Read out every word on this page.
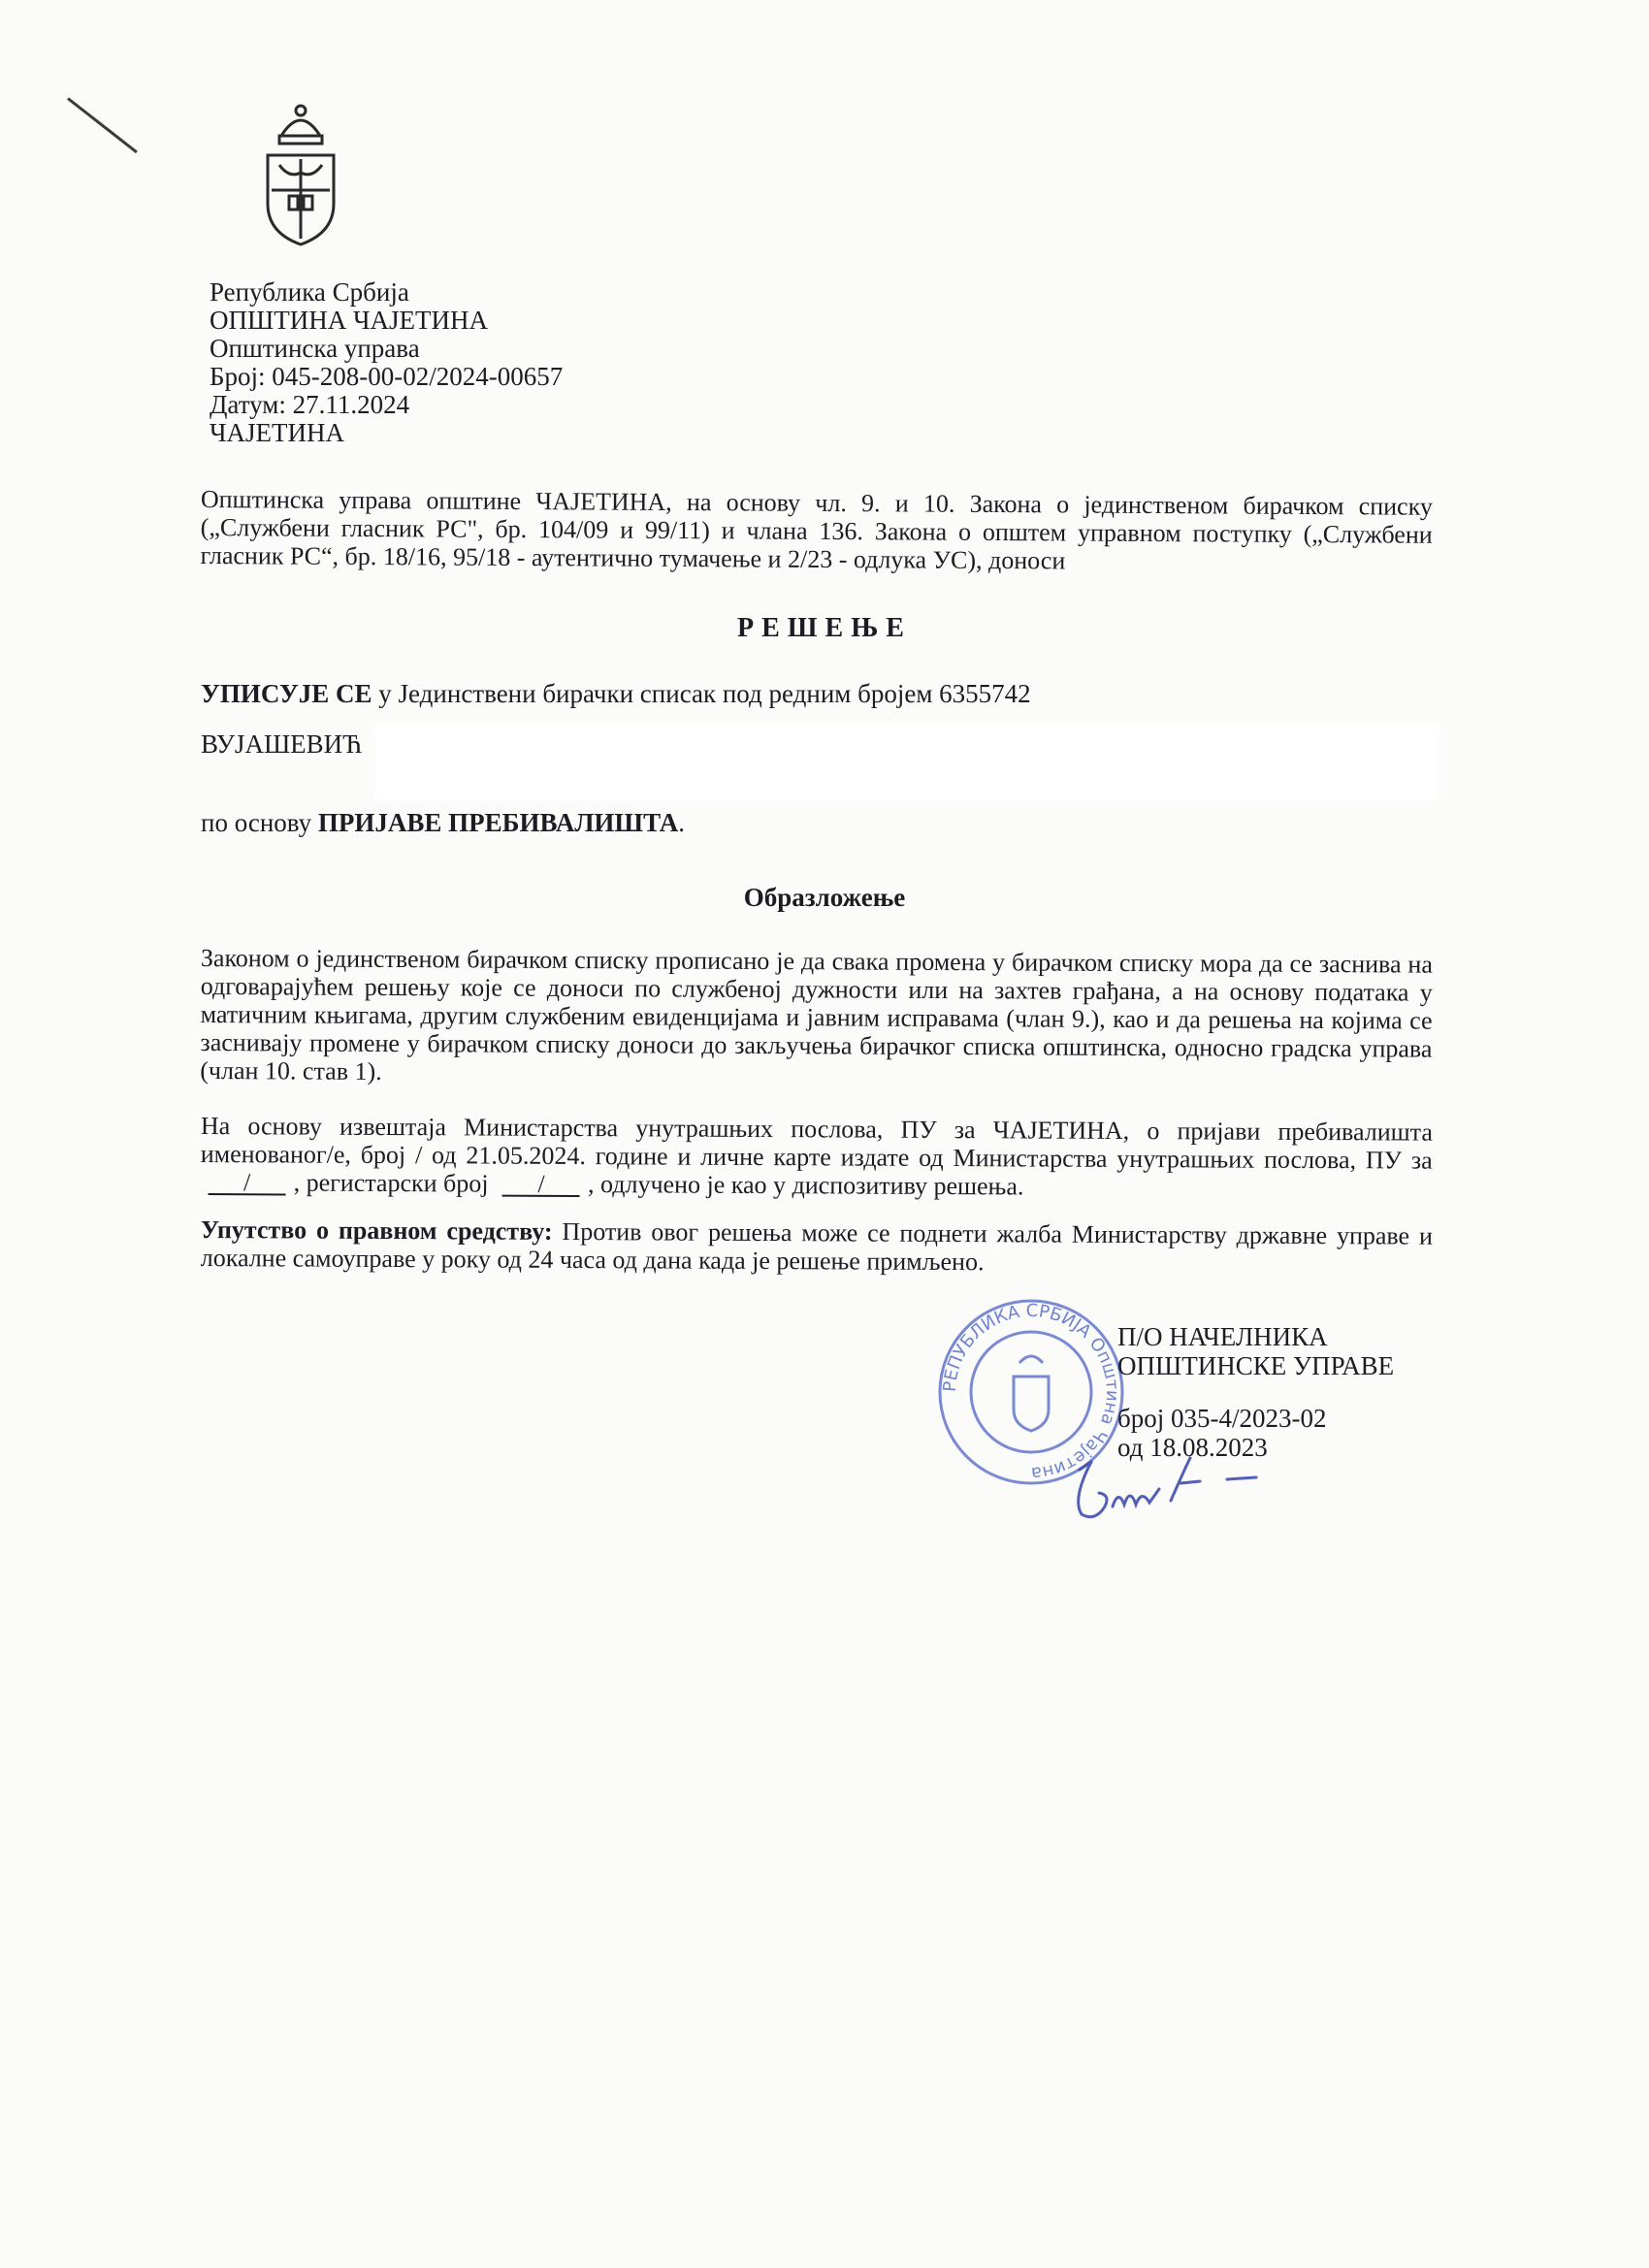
Република Србија
ОПШТИНА ЧАЈЕТИНА
Општинска управа
Број: 045-208-00-02/2024-00657
Датум: 27.11.2024
ЧАЈЕТИНА
Општинска управа општине ЧАЈЕТИНА, на основу чл. 9. и 10. Закона о јединственом бирачком списку („Службени гласник РС", бр. 104/09 и 99/11) и члана 136. Закона о општем управном поступку („Службени гласник РС“, бр. 18/16, 95/18 - аутентично тумачење и 2/23 - одлука УС), доноси
РЕШЕЊЕ
УПИСУЈЕ СЕ у Јединствени бирачки списак под редним бројем 6355742
ВУЈАШЕВИЋ
по основу ПРИЈАВЕ ПРЕБИВАЛИШТА.
Образложење
Законом о јединственом бирачком списку прописано је да свака промена у бирачком списку мора да се заснива на одговарајућем решењу које се доноси по службеној дужности или на захтев грађана, а на основу података у матичним књигама, другим службеним евиденцијама и јавним исправама (члан 9.), као и да решења на којима се заснивају промене у бирачком списку доноси до закључења бирачког списка општинска, односно градска управа (члан 10. став 1).
На основу извештаја Министарства унутрашњих послова, ПУ за ЧАЈЕТИНА, о пријави пребивалишта именованог/е, број / од 21.05.2024. године и личне карте издате од Министарства унутрашњих послова, ПУ за / , регистарски број / , одлучено је као у диспозитиву решења.
Упутство о правном средству: Против овог решења може се поднети жалба Министарству државне управе и локалне самоуправе у року од 24 часа од дана када је решење примљено.
РЕПУБЛИКА СРБИЈА Општина Чајетина
П/О НАЧЕЛНИКА
ОПШТИНСКЕ УПРАВЕ
број 035-4/2023-02
од 18.08.2023
